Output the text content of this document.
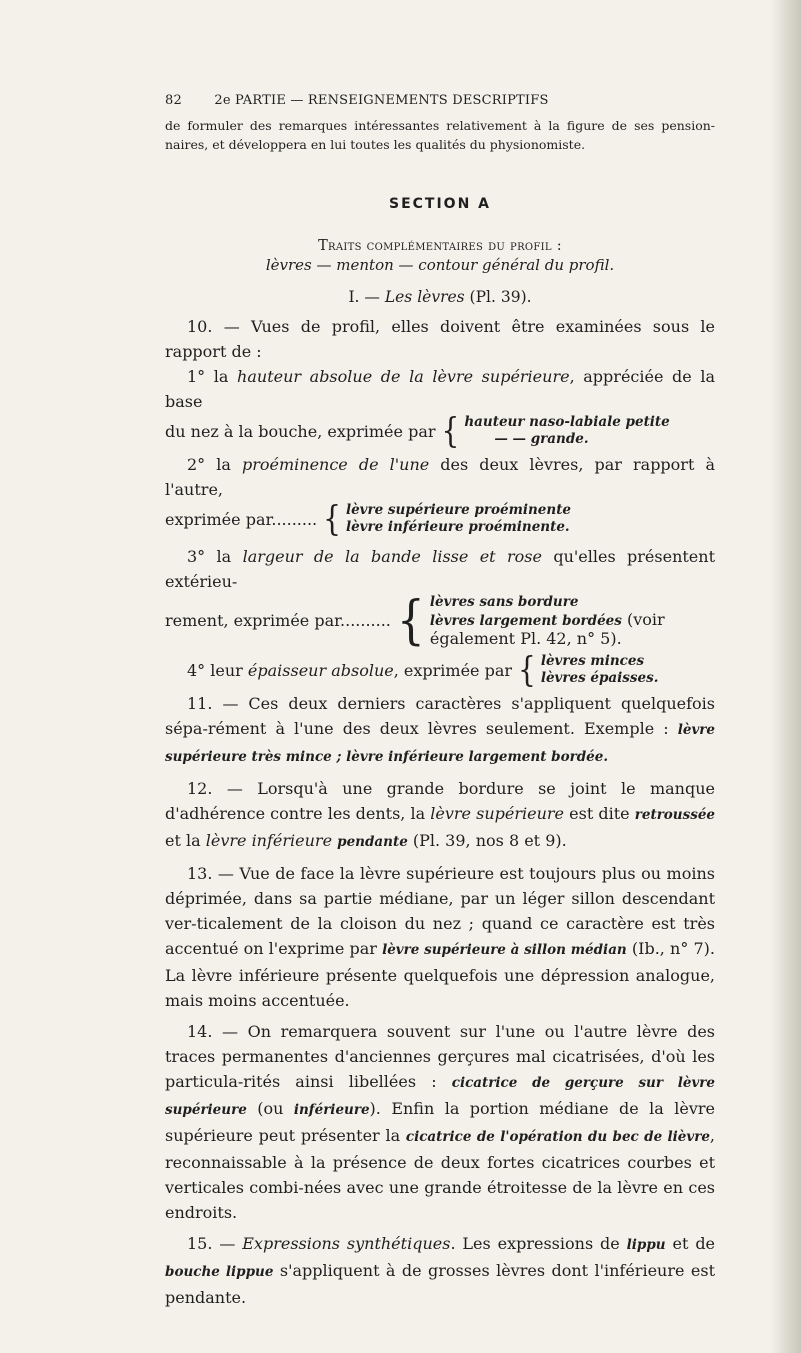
82 2e PARTIE — RENSEIGNEMENTS DESCRIPTIFS
de formuler des remarques intéressantes relativement à la figure de ses pension-naires, et développera en lui toutes les qualités du physionomiste.
SECTION A
Traits complémentaires du profil :
lèvres — menton — contour général du profil.
I. — Les lèvres (Pl. 39).

10. — Vues de profil, elles doivent être examinées sous le rapport de :

1° la hauteur absolue de la lèvre supérieure, appréciée de la base

du nez à la bouche, exprimée par { hauteur naso-labiale petite
— — grande.

2° la proéminence de l'une des deux lèvres, par rapport à l'autre,

exprimée par......... { lèvre supérieure proéminente
lèvre inférieure proéminente.

3° la largeur de la bande lisse et rose qu'elles présentent extérieu-

rement, exprimée par.......... { lèvres sans bordure
lèvres largement bordées (voir
également Pl. 42, n° 5).
4° leur
épaisseur absolue , exprimée par { lèvres minces
lèvres épaisses.

11. — Ces deux derniers caractères s'appliquent quelquefois sépa-rément à l'une des deux lèvres seulement. Exemple : lèvre supérieure très mince ; lèvre inférieure largement bordée.

12. — Lorsqu'à une grande bordure se joint le manque d'adhérence contre les dents, la lèvre supérieure est dite retroussée et la lèvre inférieure pendante (Pl. 39, nos 8 et 9).

13. — Vue de face la lèvre supérieure est toujours plus ou moins déprimée, dans sa partie médiane, par un léger sillon descendant ver-ticalement de la cloison du nez ; quand ce caractère est très accentué on l'exprime par lèvre supérieure à sillon médian (Ib., n° 7). La lèvre inférieure présente quelquefois une dépression analogue, mais moins accentuée.

14. — On remarquera souvent sur l'une ou l'autre lèvre des traces permanentes d'anciennes gerçures mal cicatrisées, d'où les particula-rités ainsi libellées : cicatrice de gerçure sur lèvre supérieure (ou inférieure). Enfin la portion médiane de la lèvre supérieure peut présenter la cicatrice de l'opération du bec de lièvre, reconnaissable à la présence de deux fortes cicatrices courbes et verticales combi-nées avec une grande étroitesse de la lèvre en ces endroits.

15. — Expressions synthétiques. Les expressions de lippu et de bouche lippue s'appliquent à de grosses lèvres dont l'inférieure est pendante.
